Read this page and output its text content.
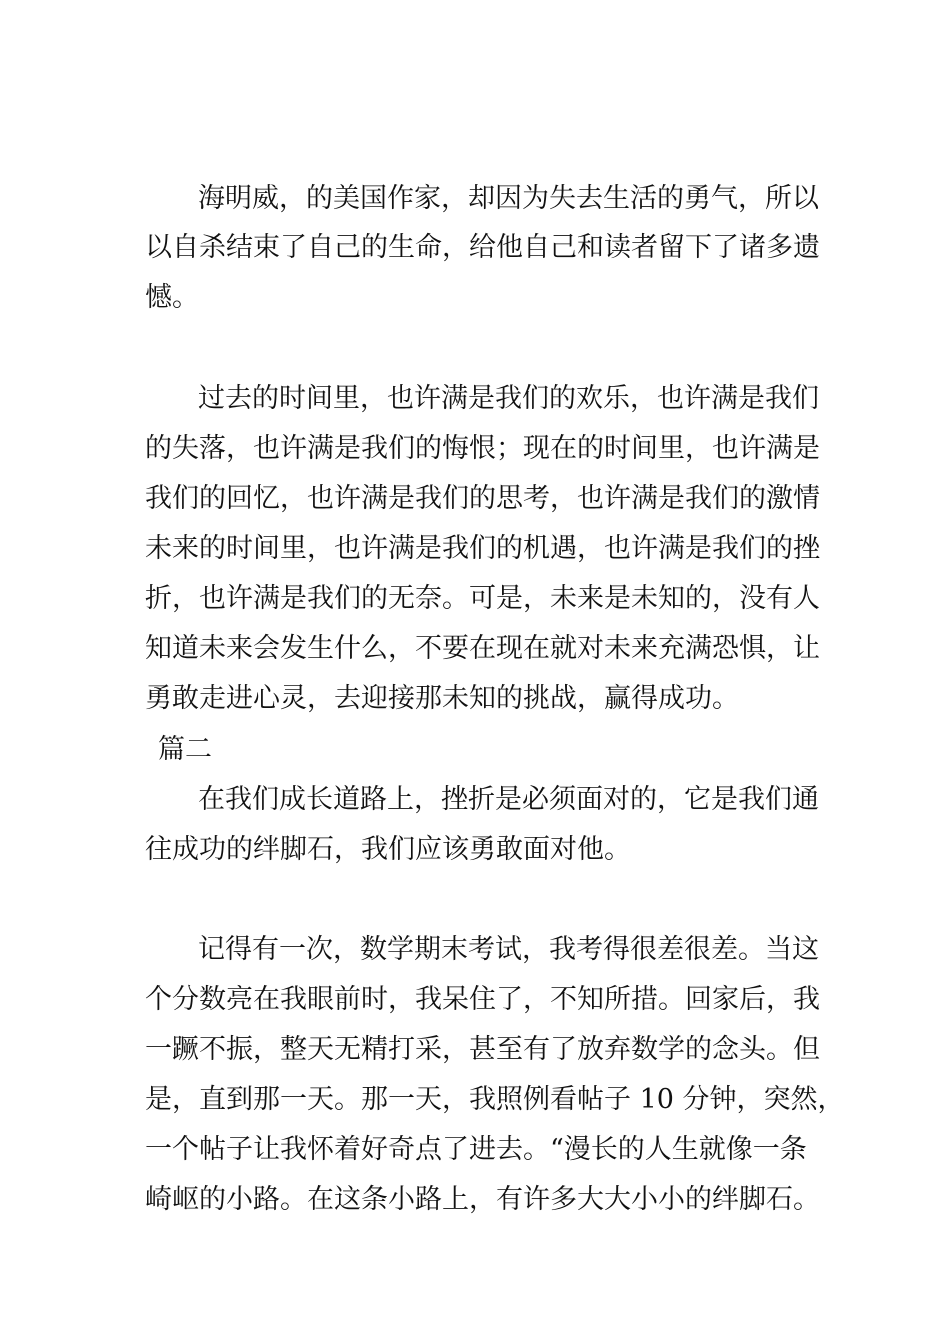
海明威，的美国作家，却因为失去生活的勇气，所以

以自杀结束了自己的生命，给他自己和读者留下了诸多遗

憾。

过去的时间里，也许满是我们的欢乐，也许满是我们

的失落，也许满是我们的悔恨；现在的时间里，也许满是

我们的回忆，也许满是我们的思考，也许满是我们的激情

未来的时间里，也许满是我们的机遇，也许满是我们的挫

折，也许满是我们的无奈。可是，未来是未知的，没有人

知道未来会发生什么，不要在现在就对未来充满恐惧，让

勇敢走进心灵，去迎接那未知的挑战，赢得成功。

篇二

在我们成长道路上，挫折是必须面对的，它是我们通

往成功的绊脚石，我们应该勇敢面对他。

记得有一次，数学期末考试，我考得很差很差。当这

个分数亮在我眼前时，我呆住了，不知所措。回家后，我

一蹶不振，整天无精打采，甚至有了放弃数学的念头。但

是，直到那一天。那一天，我照例看帖子 10 分钟，突然，

一个帖子让我怀着好奇点了进去。“漫长的人生就像一条

崎岖的小路。在这条小路上，有许多大大小小的绊脚石。
